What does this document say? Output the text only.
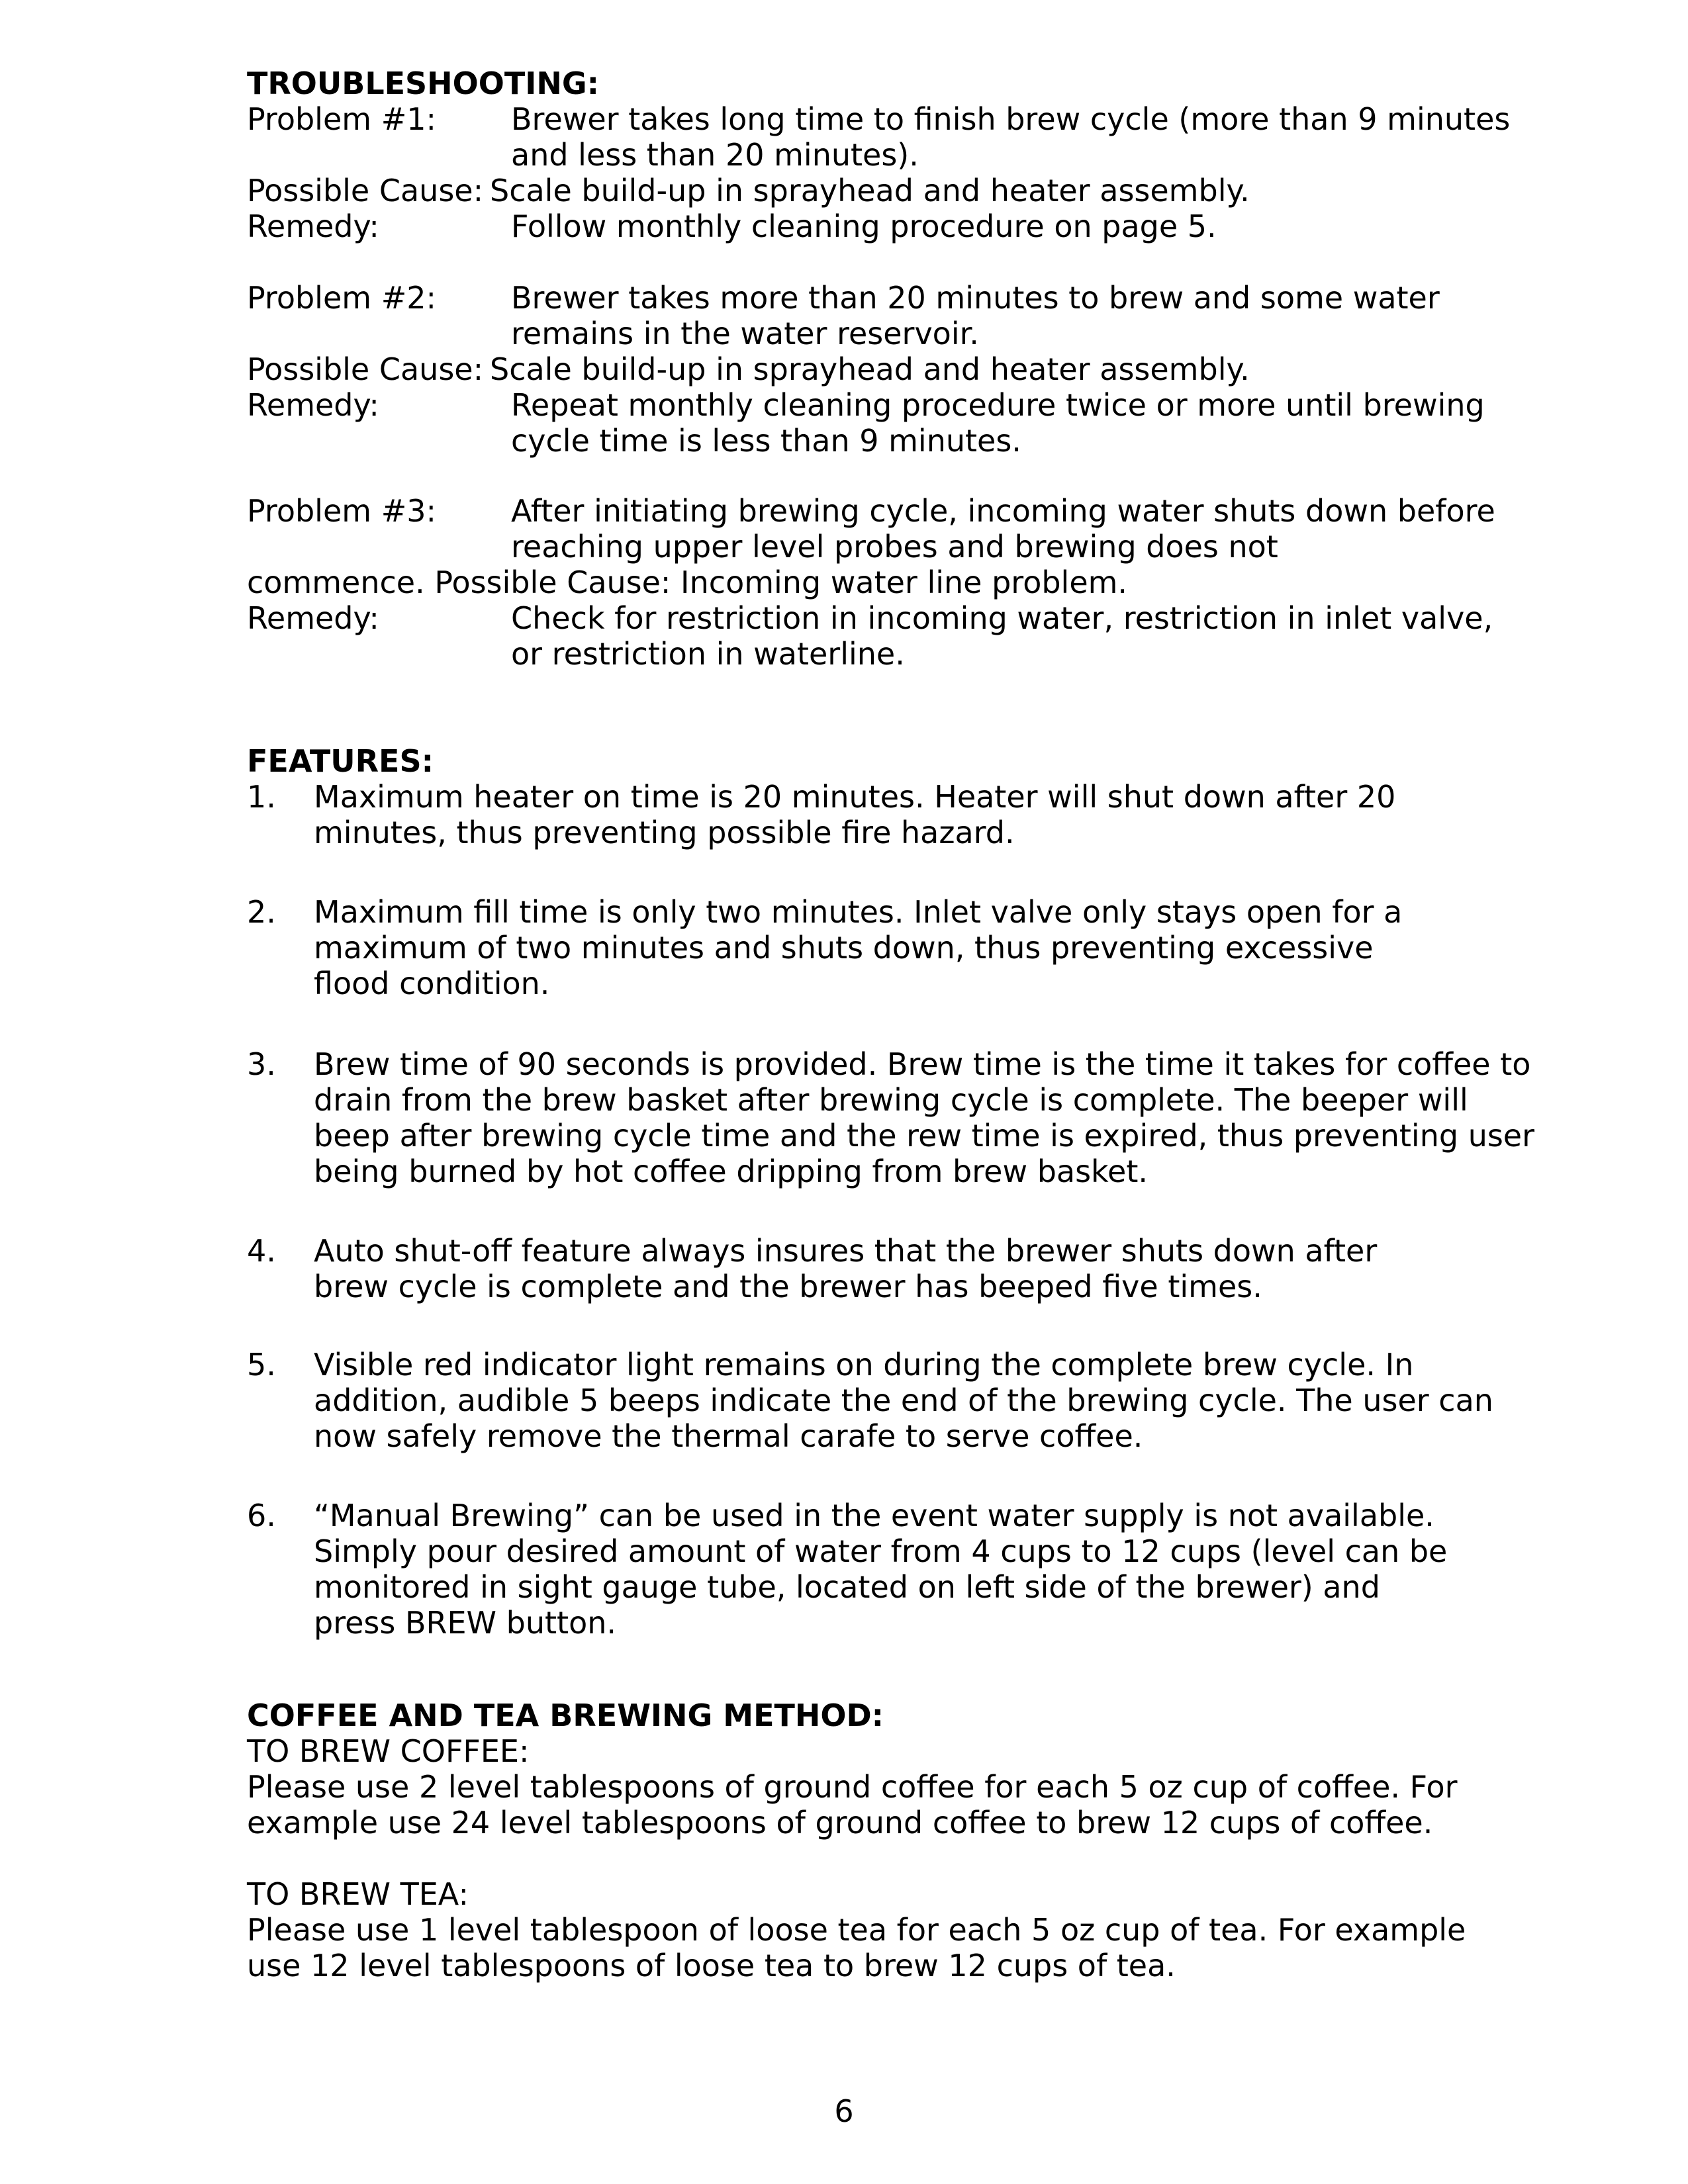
TROUBLESHOOTING:

Problem #1: Brewer takes long time to finish brew cycle (more than 9 minutes

and less than 20 minutes).

Possible Cause: Scale build-up in sprayhead and heater assembly.

Remedy:	Follow monthly cleaning procedure on page 5.

Problem #2: Brewer takes more than 20 minutes to brew and some water

remains in the water reservoir.

Possible Cause: Scale build-up in sprayhead and heater assembly.

Remedy:	Repeat monthly cleaning procedure twice or more until brewing

cycle time is less than 9 minutes.

Problem #3: After initiating brewing cycle, incoming water shuts down before

reaching upper level probes and brewing does not

commence. Possible Cause: Incoming water line problem.

Remedy:	Check for restriction in incoming water, restriction in inlet valve,

or restriction in waterline.

FEATURES:

1. Maximum heater on time is 20 minutes. Heater will shut down after 20

minutes, thus preventing possible fire hazard.

2. Maximum fill time is only two minutes. Inlet valve only stays open for a

maximum of two minutes and shuts down, thus preventing excessive

flood condition.

3. Brew time of 90 seconds is provided. Brew time is the time it takes for coffee to

drain from the brew basket after brewing cycle is complete. The beeper will

beep after brewing cycle time and the rew time is expired, thus preventing user

being burned by hot coffee dripping from brew basket.

4. Auto shut-off feature always insures that the brewer shuts down after

brew cycle is complete and the brewer has beeped five times.

5. Visible red indicator light remains on during the complete brew cycle. In

addition, audible 5 beeps indicate the end of the brewing cycle. The user can

now safely remove the thermal carafe to serve coffee.

6. “Manual Brewing” can be used in the event water supply is not available.

Simply pour desired amount of water from 4 cups to 12 cups (level can be

monitored in sight gauge tube, located on left side of the brewer) and

press BREW button.

COFFEE AND TEA BREWING METHOD:

TO BREW COFFEE:

Please use 2 level tablespoons of ground coffee for each 5 oz cup of coffee. For

example use 24 level tablespoons of ground coffee to brew 12 cups of coffee.

TO BREW TEA:

Please use 1 level tablespoon of loose tea for each 5 oz cup of tea. For example

use 12 level tablespoons of loose tea to brew 12 cups of tea.

6
